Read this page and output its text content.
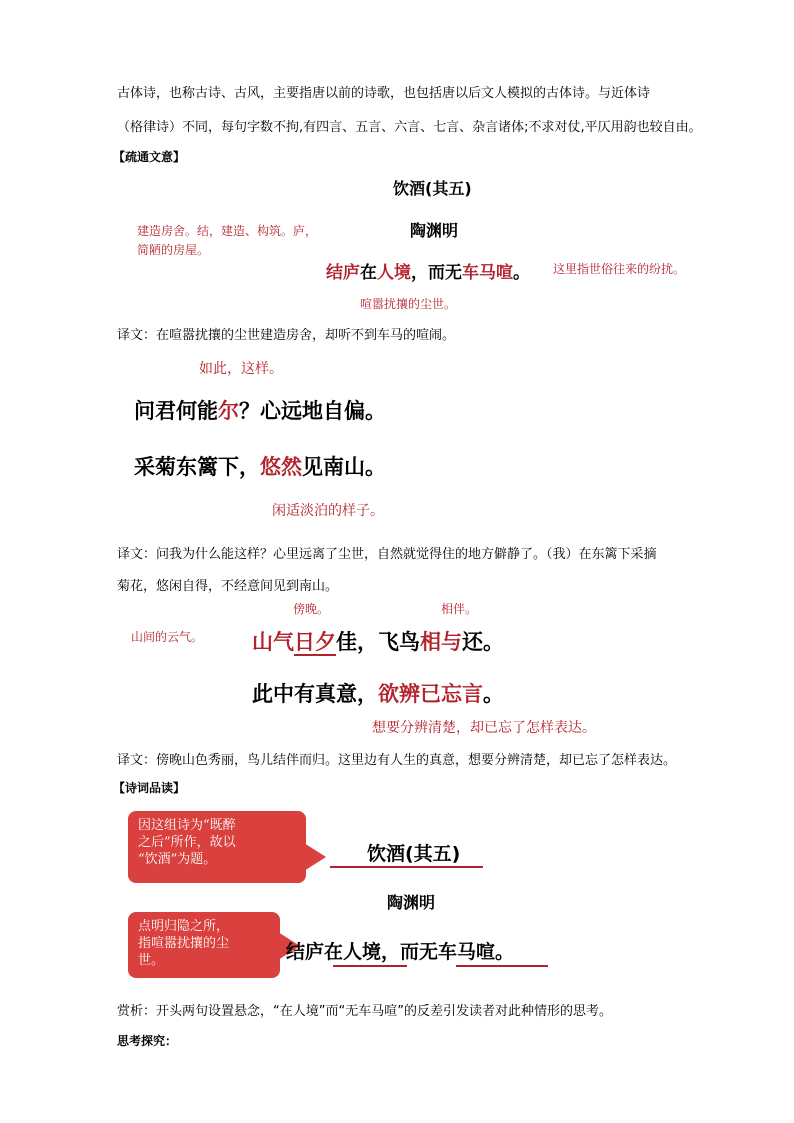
古体诗，也称古诗、古风，主要指唐以前的诗歌，也包括唐以后文人模拟的古体诗。与近体诗
（格律诗）不同，每句字数不拘,有四言、五言、六言、七言、杂言诸体;不求对仗,平仄用韵也较自由。
【疏通文意】
饮酒(其五)
陶渊明
建造房舍。结，建造、构筑。庐，
简陋的房屋。
结庐在人境，而无车马喧。 这里指世俗往来的纷扰。
喧嚣扰攘的尘世。
译文：在喧嚣扰攘的尘世建造房舍，却听不到车马的喧闹。
如此，这样。
问君何能尔？心远地自偏。
采菊东篱下，悠然见南山。
闲适淡泊的样子。
译文：问我为什么能这样？心里远离了尘世，自然就觉得住的地方僻静了。（我）在东篱下采摘
菊花，悠闲自得，不经意间见到南山。
傍晚。	相伴。
山间的云气。 山气日夕佳，飞鸟相与还。
此中有真意，欲辨已忘言。
想要分辨清楚，却已忘了怎样表达。
译文：傍晚山色秀丽，鸟儿结伴而归。这里边有人生的真意，想要分辨清楚，却已忘了怎样表达。
【诗词品读】
因这组诗为“既醉
之后”所作，故以
“饮酒”为题。	饮酒(其五)
陶渊明
点明归隐之所，
指喧嚣扰攘的尘
世。	结庐在人境，而无车马喧。
赏析：开头两句设置悬念，“在人境”而“无车马喧”的反差引发读者对此种情形的思考。
思考探究：
